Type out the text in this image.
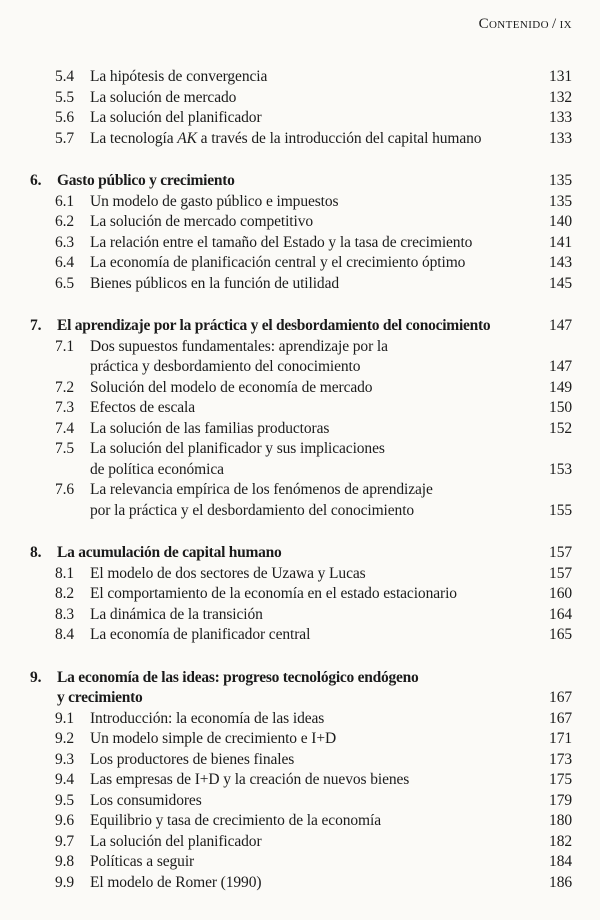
Contenido / ix
5.4	La hipótesis de convergencia	131
5.5	La solución de mercado	132
5.6	La solución del planificador	133
5.7	La tecnología AK a través de la introducción del capital humano	133
6.	Gasto público y crecimiento	135
6.1	Un modelo de gasto público e impuestos	135
6.2	La solución de mercado competitivo	140
6.3	La relación entre el tamaño del Estado y la tasa de crecimiento	141
6.4	La economía de planificación central y el crecimiento óptimo	143
6.5	Bienes públicos en la función de utilidad	145
7.	El aprendizaje por la práctica y el desbordamiento del conocimiento	147
7.1	Dos supuestos fundamentales: aprendizaje por la
práctica y desbordamiento del conocimiento	147
7.2	Solución del modelo de economía de mercado	149
7.3	Efectos de escala	150
7.4	La solución de las familias productoras	152
7.5	La solución del planificador y sus implicaciones
de política económica	153
7.6	La relevancia empírica de los fenómenos de aprendizaje
por la práctica y el desbordamiento del conocimiento	155
8.	La acumulación de capital humano	157
8.1	El modelo de dos sectores de Uzawa y Lucas	157
8.2	El comportamiento de la economía en el estado estacionario	160
8.3	La dinámica de la transición	164
8.4	La economía de planificador central	165
9.	La economía de las ideas: progreso tecnológico endógeno
y crecimiento	167
9.1	Introducción: la economía de las ideas	167
9.2	Un modelo simple de crecimiento e I+D	171
9.3	Los productores de bienes finales	173
9.4	Las empresas de I+D y la creación de nuevos bienes	175
9.5	Los consumidores	179
9.6	Equilibrio y tasa de crecimiento de la economía	180
9.7	La solución del planificador	182
9.8	Políticas a seguir	184
9.9	El modelo de Romer (1990)	186
